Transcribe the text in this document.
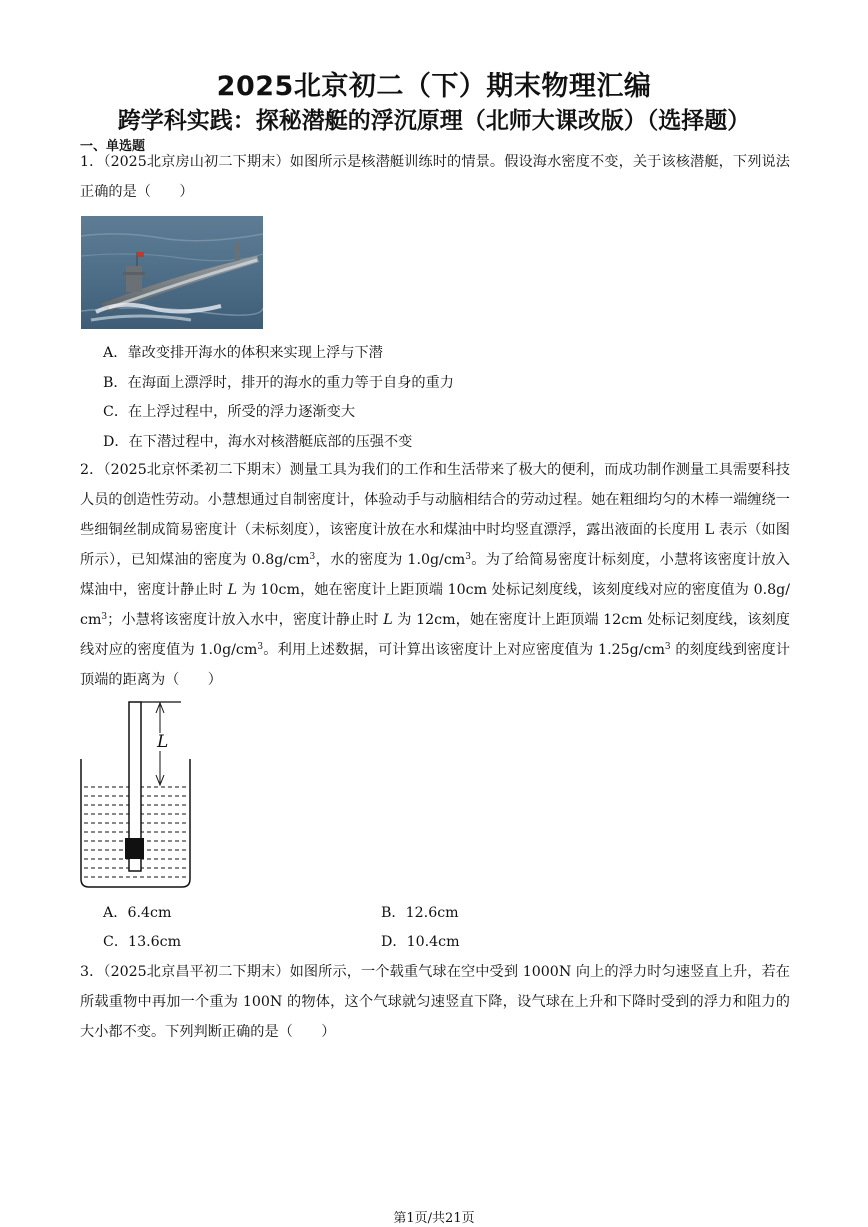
2025北京初二（下）期末物理汇编
跨学科实践：探秘潜艇的浮沉原理（北师大课改版）（选择题）
一、单选题
1．（2025北京房山初二下期末）如图所示是核潜艇训练时的情景。假设海水密度不变，关于该核潜艇，下列说法正确的是（　　）
A．靠改变排开海水的体积来实现上浮与下潜
B．在海面上漂浮时，排开的海水的重力等于自身的重力
C．在上浮过程中，所受的浮力逐渐变大
D．在下潜过程中，海水对核潜艇底部的压强不变
2．（2025北京怀柔初二下期末）测量工具为我们的工作和生活带来了极大的便利，而成功制作测量工具需要科技人员的创造性劳动。小慧想通过自制密度计，体验动手与动脑相结合的劳动过程。她在粗细均匀的木棒一端缠绕一些细铜丝制成简易密度计（未标刻度），该密度计放在水和煤油中时均竖直漂浮，露出液面的长度用 L 表示（如图所示），已知煤油的密度为 $0.8g/cm^3$，水的密度为 $1.0g/cm^3$。为了给简易密度计标刻度，小慧将该密度计放入煤油中，密度计静止时 L 为 10cm，她在密度计上距顶端 10cm 处标记刻度线，该刻度线对应的密度值为 $0.8g/cm^3$；小慧将该密度计放入水中，密度计静止时 L 为 12cm，她在密度计上距顶端 12cm 处标记刻度线，该刻度线对应的密度值为 $1.0g/cm^3$。利用上述数据，可计算出该密度计上对应密度值为 $1.25g/cm^3$ 的刻度线到密度计顶端的距离为（　　）
L
A．6.4cm	B．12.6cm
C．13.6cm	D．10.4cm
3．（2025北京昌平初二下期末）如图所示，一个载重气球在空中受到 1000N 向上的浮力时匀速竖直上升，若在所载重物中再加一个重为 100N 的物体，这个气球就匀速竖直下降，设气球在上升和下降时受到的浮力和阻力的大小都不变。下列判断正确的是（　　）
第1页/共21页
